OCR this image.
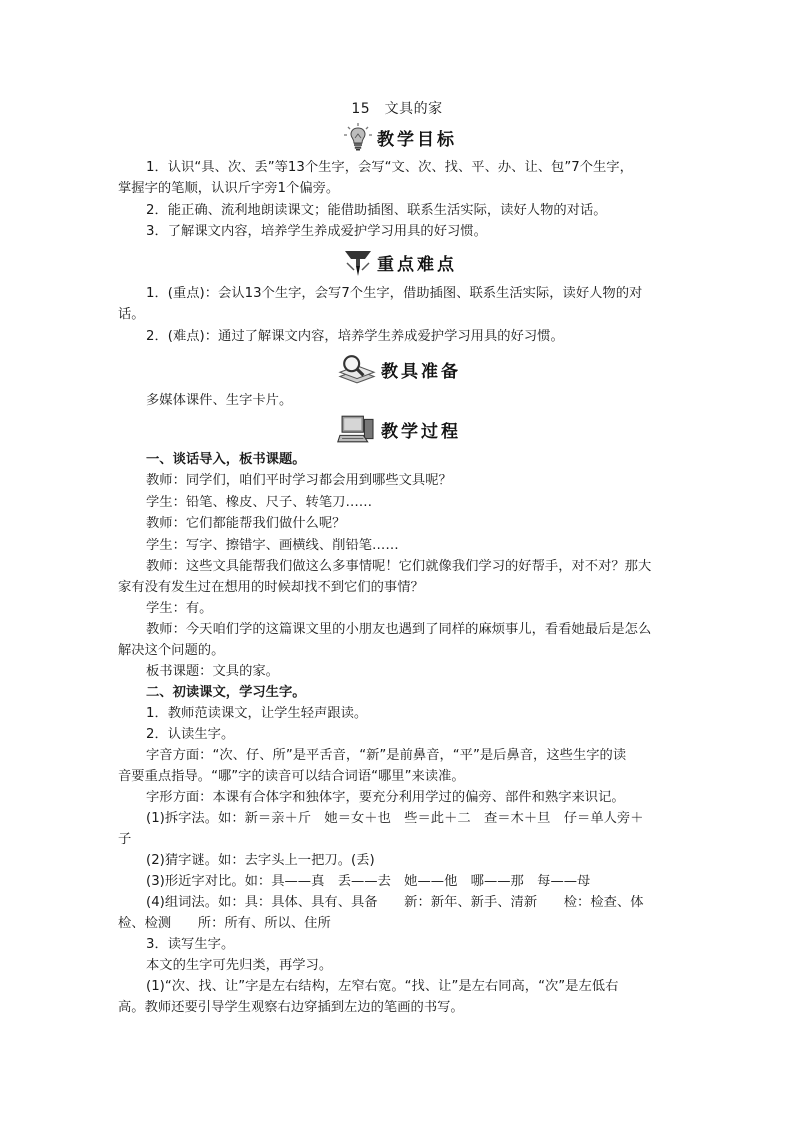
15　文具的家
教学目标
1．认识“具、次、丢”等13个生字，会写“文、次、找、平、办、让、包”7个生字，
掌握字的笔顺，认识斤字旁1个偏旁。
2．能正确、流利地朗读课文；能借助插图、联系生活实际，读好人物的对话。
3．了解课文内容，培养学生养成爱护学习用具的好习惯。
重点难点
1．(重点)：会认13个生字，会写7个生字，借助插图、联系生活实际，读好人物的对
话。
2．(难点)：通过了解课文内容，培养学生养成爱护学习用具的好习惯。
教具准备
多媒体课件、生字卡片。
教学过程
一、谈话导入，板书课题。
教师：同学们，咱们平时学习都会用到哪些文具呢？
学生：铅笔、橡皮、尺子、转笔刀……
教师：它们都能帮我们做什么呢？
学生：写字、擦错字、画横线、削铅笔……
教师：这些文具能帮我们做这么多事情呢！它们就像我们学习的好帮手，对不对？那大
家有没有发生过在想用的时候却找不到它们的事情？
学生：有。
教师：今天咱们学的这篇课文里的小朋友也遇到了同样的麻烦事儿，看看她最后是怎么
解决这个问题的。
板书课题：文具的家。
二、初读课文，学习生字。
1．教师范读课文，让学生轻声跟读。
2．认读生字。
字音方面：“次、仔、所”是平舌音，“新”是前鼻音，“平”是后鼻音，这些生字的读
音要重点指导。“哪”字的读音可以结合词语“哪里”来读准。
字形方面：本课有合体字和独体字，要充分利用学过的偏旁、部件和熟字来识记。
(1)拆字法。如：新＝亲＋斤　她＝女＋也　些＝此＋二　查＝木＋旦　仔＝单人旁＋
子
(2)猜字谜。如：去字头上一把刀。(丢)
(3)形近字对比。如：具——真　丢——去　她——他　哪——那　每——母
(4)组词法。如：具：具体、具有、具备　　新：新年、新手、清新　　检：检查、体
检、检测　　所：所有、所以、住所
3．读写生字。
本文的生字可先归类，再学习。
(1)“次、找、让”字是左右结构，左窄右宽。“找、让”是左右同高，“次”是左低右
高。教师还要引导学生观察右边穿插到左边的笔画的书写。
